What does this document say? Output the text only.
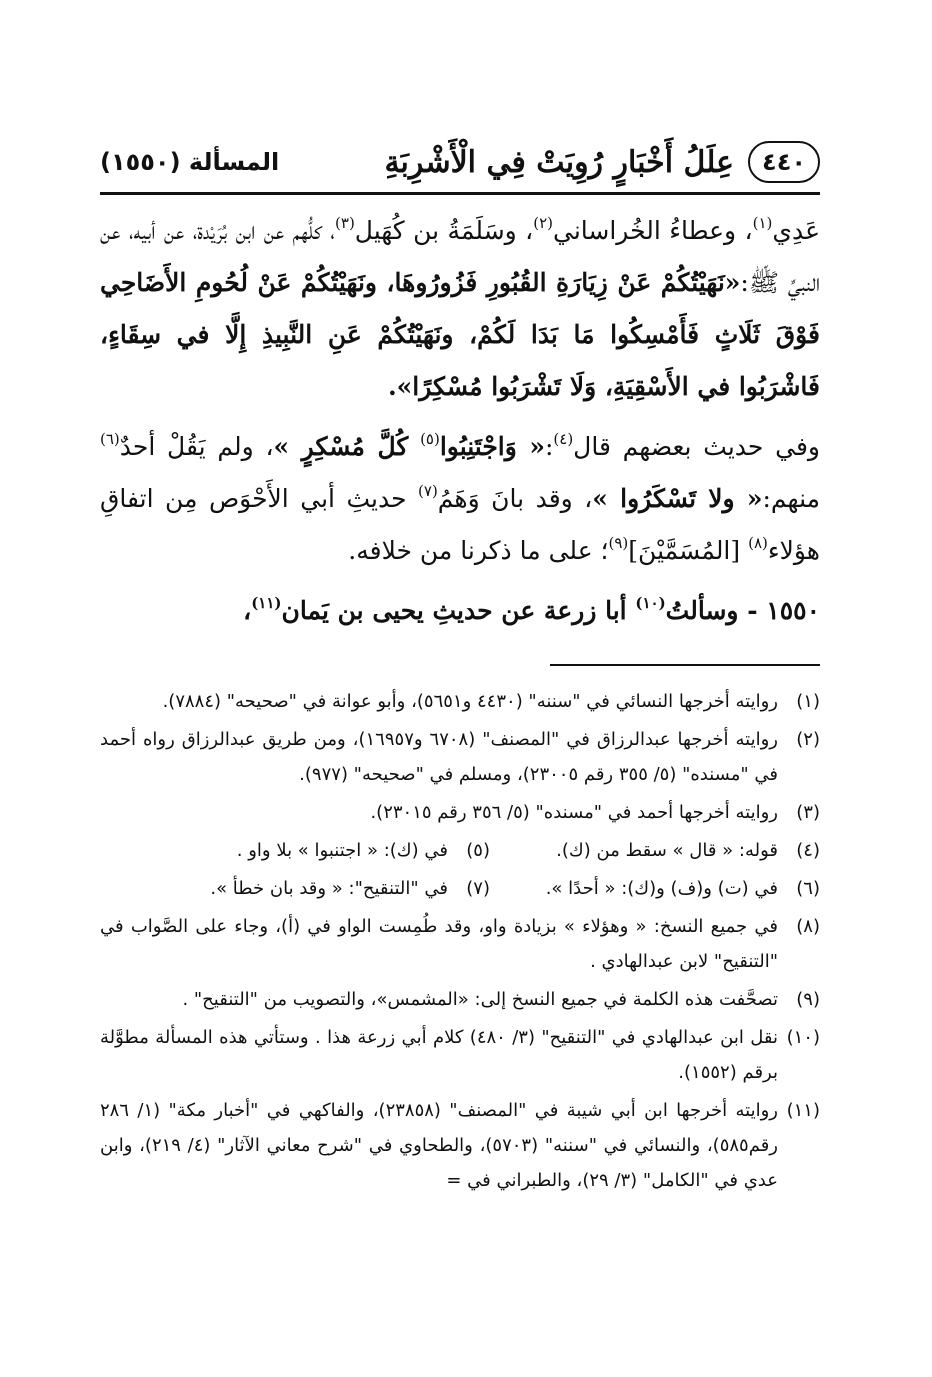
٤٤٠
عِلَلُ أَخْبَارٍ رُوِيَتْ فِي الْأَشْرِبَةِ
المسألة (١٥٥٠)

عَدِي$^{(١)}$، وعطاءُ الخُراساني$^{(٢)}$، وسَلَمَةُ بن كُهَيل$^{(٣)}$، كلُّهم عن ابن بُرَيْدة، عن أبيه، عن النبيِّ ﷺ:«نَهَيْتُكُمْ عَنْ زِيَارَةِ القُبُورِ فَزُورُوهَا، ونَهَيْتُكُمْ عَنْ لُحُومِ الأَضَاحِي فَوْقَ ثَلَاثٍ فَأَمْسِكُوا مَا بَدَا لَكُمْ، ونَهَيْتُكُمْ عَنِ النَّبِيذِ إِلَّا في سِقَاءٍ، فَاشْرَبُوا في الأَسْقِيَةِ، وَلَا تَشْرَبُوا مُسْكِرًا».

وفي حديث بعضهم قال$^{(٤)}$:« وَاجْتَنِبُوا$^{(٥)}$ كُلَّ مُسْكِرٍ »، ولم يَقُلْ أحدٌ$^{(٦)}$ منهم:« ولا تَسْكَرُوا »، وقد بانَ وَهَمُ$^{(٧)}$ حديثِ أبي الأَحْوَص مِن اتفاقِ هؤلاء$^{(٨)}$ [المُسَمَّيْنَ]$^{(٩)}$؛ على ما ذكرنا من خلافه.

١٥٥٠ - وسألتُ$^{(١٠)}$ أبا زرعة عن حديثِ يحيى بن يَمان$^{(١١)}$،

(١)
روايته أخرجها النسائي في "سننه" (٤٤٣٠ و٥٦٥١)، وأبو عوانة في "صحيحه" (٧٨٨٤).
(٢)
روايته أخرجها عبدالرزاق في "المصنف" (٦٧٠٨ و١٦٩٥٧)، ومن طريق عبدالرزاق رواه أحمد في "مسنده" (٥/ ٣٥٥ رقم ٢٣٠٠٥)، ومسلم في "صحيحه" (٩٧٧).
(٣)
روايته أخرجها أحمد في "مسنده" (٥/ ٣٥٦ رقم ٢٣٠١٥).
(٤)
قوله: « قال » سقط من (ك).
(٥)
في (ك): « اجتنبوا » بلا واو .
(٦)
في (ت) و(ف) و(ك): « أحدًا ».
(٧)
في "التنقيح": « وقد بان خطأ ».
(٨)
في جميع النسخ: « وهؤلاء » بزيادة واو، وقد طُمِست الواو في (أ)، وجاء على الصَّواب في "التنقيح" لابن عبدالهادي .
(٩)
تصحَّفت هذه الكلمة في جميع النسخ إلى: «المشمس»، والتصويب من "التنقيح" .
(١٠)
نقل ابن عبدالهادي في "التنقيح" (٣/ ٤٨٠) كلام أبي زرعة هذا . وستأتي هذه المسألة مطوَّلة برقم (١٥٥٢).
(١١)
روايته أخرجها ابن أبي شيبة في "المصنف" (٢٣٨٥٨)، والفاكهي في "أخبار مكة" (١/ ٢٨٦ رقم٥٨٥)، والنسائي في "سننه" (٥٧٠٣)، والطحاوي في "شرح معاني الآثار" (٤/ ٢١٩)، وابن عدي في "الكامل" (٣/ ٢٩)، والطبراني في =
